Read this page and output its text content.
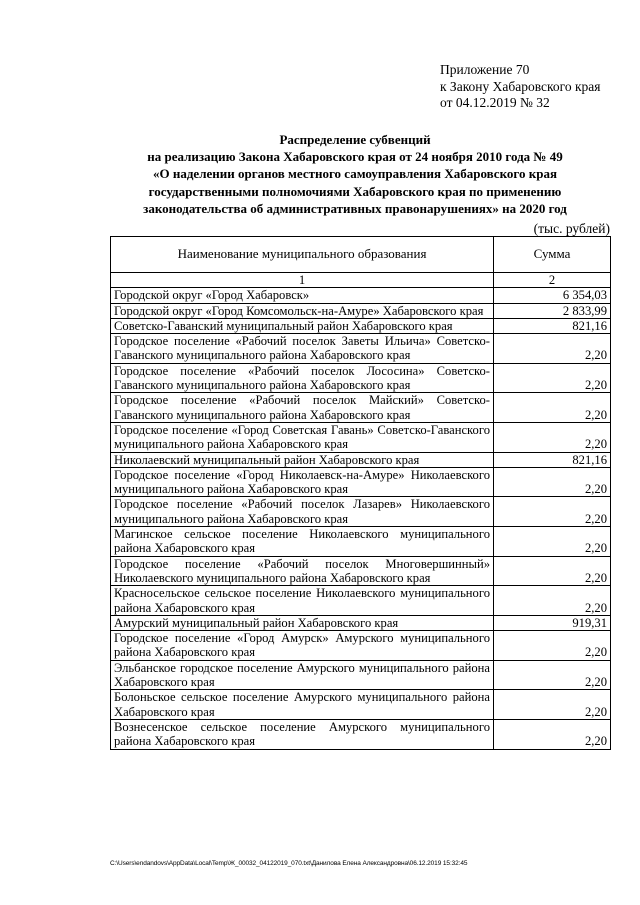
Приложение 70
к Закону Хабаровского края
от 04.12.2019 № 32
Распределение субвенций
на реализацию Закона Хабаровского края от 24 ноября 2010 года № 49
«О наделении органов местного самоуправления Хабаровского края
государственными полномочиями Хабаровского края по применению
законодательства об административных правонарушениях» на 2020 год
(тыс. рублей)
Наименование муниципального образования	Сумма
1	2
Городской округ «Город Хабаровск»	6 354,03
Городской округ «Город Комсомольск-на-Амуре» Хабаровского края	2 833,99
Советско-Гаванский муниципальный район Хабаровского края	821,16
Городское поселение «Рабочий поселок Заветы Ильича» Советско-Гаванского муниципального района Хабаровского края	2,20
Городское поселение «Рабочий поселок Лососина» Советско-Гаванского муниципального района Хабаровского края	2,20
Городское поселение «Рабочий поселок Майский» Советско-Гаванского муниципального района Хабаровского края	2,20
Городское поселение «Город Советская Гавань» Советско-Гаванского муниципального района Хабаровского края	2,20
Николаевский муниципальный район Хабаровского края	821,16
Городское поселение «Город Николаевск-на-Амуре» Николаевского муниципального района Хабаровского края	2,20
Городское поселение «Рабочий поселок Лазарев» Николаевского муниципального района Хабаровского края	2,20
Магинское сельское поселение Николаевского муниципального района Хабаровского края	2,20
Городское поселение «Рабочий поселок Многовершинный» Николаевского муниципального района Хабаровского края	2,20
Красносельское сельское поселение Николаевского муниципального района Хабаровского края	2,20
Амурский муниципальный район Хабаровского края	919,31
Городское поселение «Город Амурск» Амурского муниципального района Хабаровского края	2,20
Эльбанское городское поселение Амурского муниципального района Хабаровского края	2,20
Болоньское сельское поселение Амурского муниципального района Хабаровского края	2,20
Вознесенское сельское поселение Амурского муниципального района Хабаровского края	2,20
C:\Users\endandovs\AppData\Local\Temp\Ж_00032_04122019_070.txt\Данилова Елена Александровна\06.12.2019 15:32:45
